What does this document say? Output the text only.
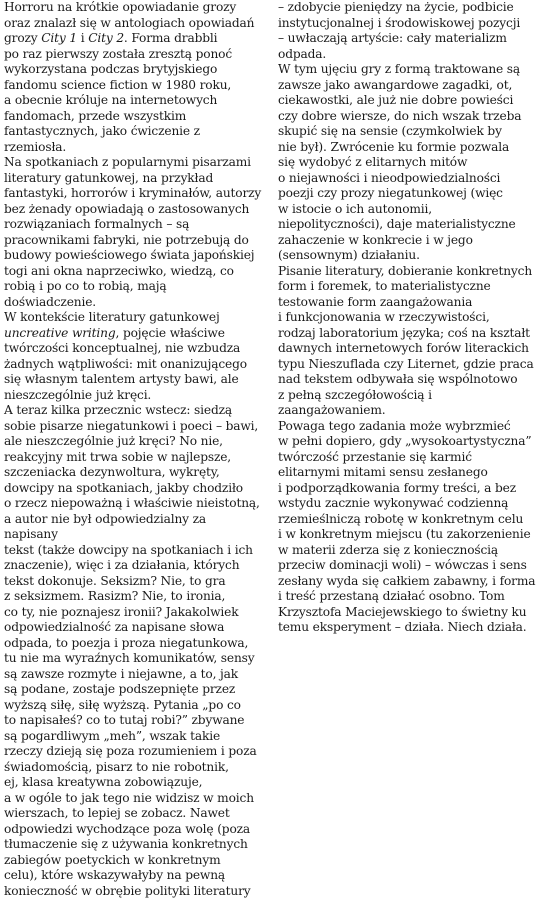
Horroru na krótkie opowiadanie grozy
oraz znalazł się w antologiach opowiadań
grozy City 1 i City 2. Forma drabbli
po raz pierwszy została zresztą ponoć
wykorzystana podczas brytyjskiego
fandomu science fiction w 1980 roku,
a obecnie króluje na internetowych
fandomach, przede wszystkim
fantastycznych, jako ćwiczenie z rzemiosła.

Na spotkaniach z popularnymi pisarzami
literatury gatunkowej, na przykład
fantastyki, horrorów i kryminałów, autorzy
bez żenady opowiadają o zastosowanych
rozwiązaniach formalnych – są
pracownikami fabryki, nie potrzebują do
budowy powieściowego świata japońskiej
togi ani okna naprzeciwko, wiedzą, co
robią i po co to robią, mają doświadczenie.

W kontekście literatury gatunkowej
uncreative writing, pojęcie właściwe
twórczości konceptualnej, nie wzbudza
żadnych wątpliwości: mit onanizującego
się własnym talentem artysty bawi, ale
nieszczególnie już kręci.

A teraz kilka przecznic wstecz: siedzą
sobie pisarze niegatunkowi i poeci – bawi,
ale nieszczególnie już kręci? No nie,
reakcyjny mit trwa sobie w najlepsze,
szczeniacka dezynwoltura, wykręty,
dowcipy na spotkaniach, jakby chodziło
o rzecz niepoważną i właściwie nieistotną,
a autor nie był odpowiedzialny za napisany
tekst (także dowcipy na spotkaniach i ich
znaczenie), więc i za działania, których
tekst dokonuje. Seksizm? Nie, to gra
z seksizmem. Rasizm? Nie, to ironia,
co ty, nie poznajesz ironii? Jakakolwiek
odpowiedzialność za napisane słowa
odpada, to poezja i proza niegatunkowa,
tu nie ma wyraźnych komunikatów, sensy
są zawsze rozmyte i niejawne, a to, jak
są podane, zostaje podszepnięte przez
wyższą siłę, siłę wyższą. Pytania „po co
to napisałeś? co to tutaj robi?” zbywane
są pogardliwym „meh”, wszak takie
rzeczy dzieją się poza rozumieniem i poza
świadomością, pisarz to nie robotnik,
ej, klasa kreatywna zobowiązuje,
a w ogóle to jak tego nie widzisz w moich
wierszach, to lepiej se zobacz. Nawet
odpowiedzi wychodzące poza wolę (poza
tłumaczenie się z używania konkretnych
zabiegów poetyckich w konkretnym
celu), które wskazywałyby na pewną
konieczność w obrębie polityki literatury

– zdobycie pieniędzy na życie, podbicie
instytucjonalnej i środowiskowej pozycji
– uwłaczają artyście: cały materializm
odpada.

W tym ujęciu gry z formą traktowane są
zawsze jako awangardowe zagadki, ot,
ciekawostki, ale już nie dobre powieści
czy dobre wiersze, do nich wszak trzeba
skupić się na sensie (czymkolwiek by
nie był). Zwrócenie ku formie pozwala
się wydobyć z elitarnych mitów
o niejawności i nieodpowiedzialności
poezji czy prozy niegatunkowej (więc
w istocie o ich autonomii,
niepolityczności), daje materialistyczne
zahaczenie w konkrecie i w jego
(sensownym) działaniu.

Pisanie literatury, dobieranie konkretnych
form i foremek, to materialistyczne
testowanie form zaangażowania
i funkcjonowania w rzeczywistości,
rodzaj laboratorium języka; coś na kształt
dawnych internetowych forów literackich
typu Nieszuflada czy Liternet, gdzie praca
nad tekstem odbywała się wspólnotowo
z pełną szczegółowością i zaangażowaniem.

Powaga tego zadania może wybrzmieć
w pełni dopiero, gdy „wysokoartystyczna”
twórczość przestanie się karmić
elitarnymi mitami sensu zesłanego
i podporządkowania formy treści, a bez
wstydu zacznie wykonywać codzienną
rzemieślniczą robotę w konkretnym celu
i w konkretnym miejscu (tu zakorzenienie
w materii zderza się z koniecznością
przeciw dominacji woli) – wówczas i sens
zesłany wyda się całkiem zabawny, i forma
i treść przestaną działać osobno. Tom
Krzysztofa Maciejewskiego to świetny ku
temu eksperyment – działa. Niech działa.
